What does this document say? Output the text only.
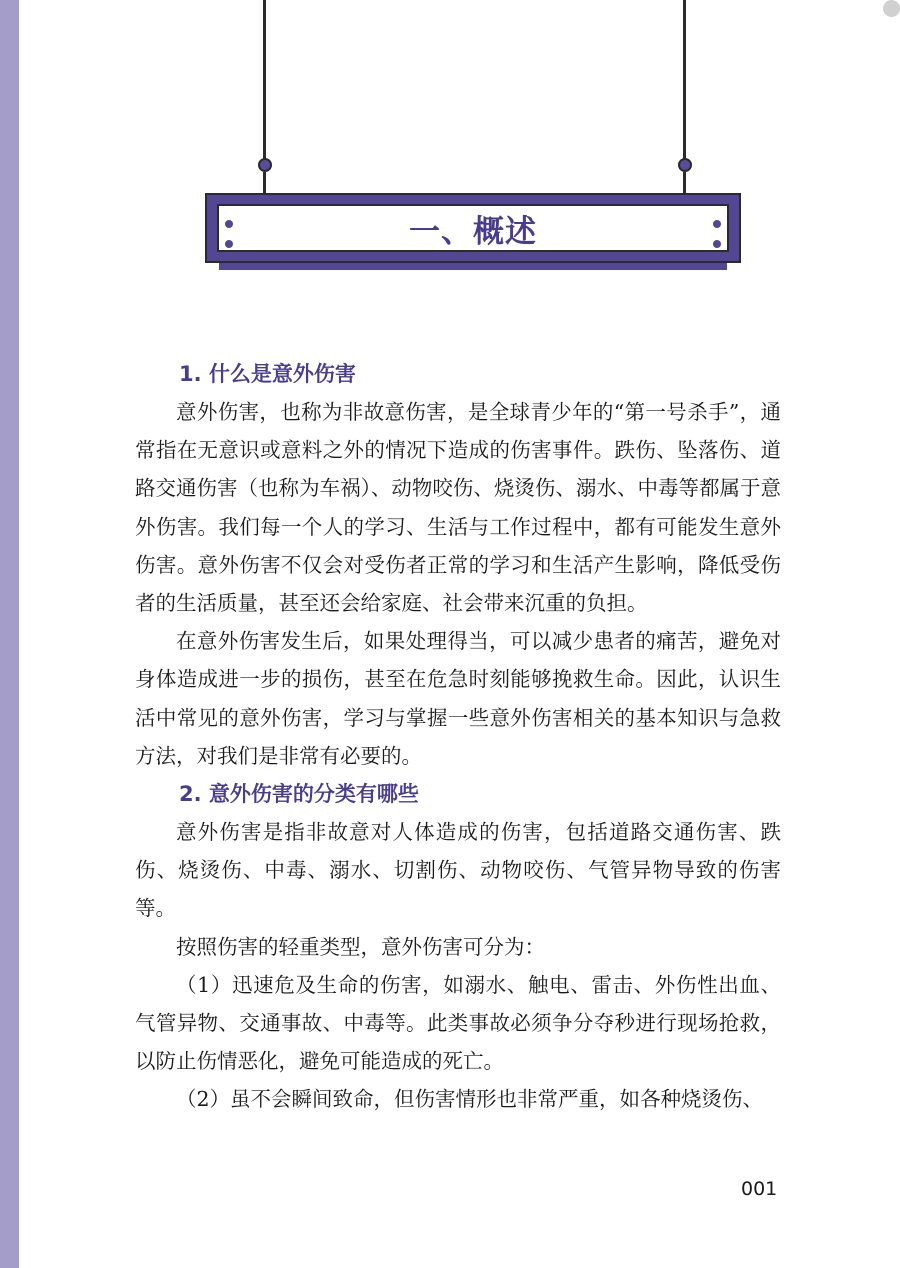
一、概述
1. 什么是意外伤害

意外伤害，也称为非故意伤害，是全球青少年的“第一号杀手”，通常指在无意识或意料之外的情况下造成的伤害事件。跌伤、坠落伤、道路交通伤害（也称为车祸）、动物咬伤、烧烫伤、溺水、中毒等都属于意外伤害。我们每一个人的学习、生活与工作过程中，都有可能发生意外伤害。意外伤害不仅会对受伤者正常的学习和生活产生影响，降低受伤者的生活质量，甚至还会给家庭、社会带来沉重的负担。

在意外伤害发生后，如果处理得当，可以减少患者的痛苦，避免对身体造成进一步的损伤，甚至在危急时刻能够挽救生命。因此，认识生活中常见的意外伤害，学习与掌握一些意外伤害相关的基本知识与急救方法，对我们是非常有必要的。

2. 意外伤害的分类有哪些

意外伤害是指非故意对人体造成的伤害，包括道路交通伤害、跌伤、烧烫伤、中毒、溺水、切割伤、动物咬伤、气管异物导致的伤害等。

按照伤害的轻重类型，意外伤害可分为：

（1）迅速危及生命的伤害，如溺水、触电、雷击、外伤性出血、气管异物、交通事故、中毒等。此类事故必须争分夺秒进行现场抢救，以防止伤情恶化，避免可能造成的死亡。

（2）虽不会瞬间致命，但伤害情形也非常严重，如各种烧烫伤、

001
